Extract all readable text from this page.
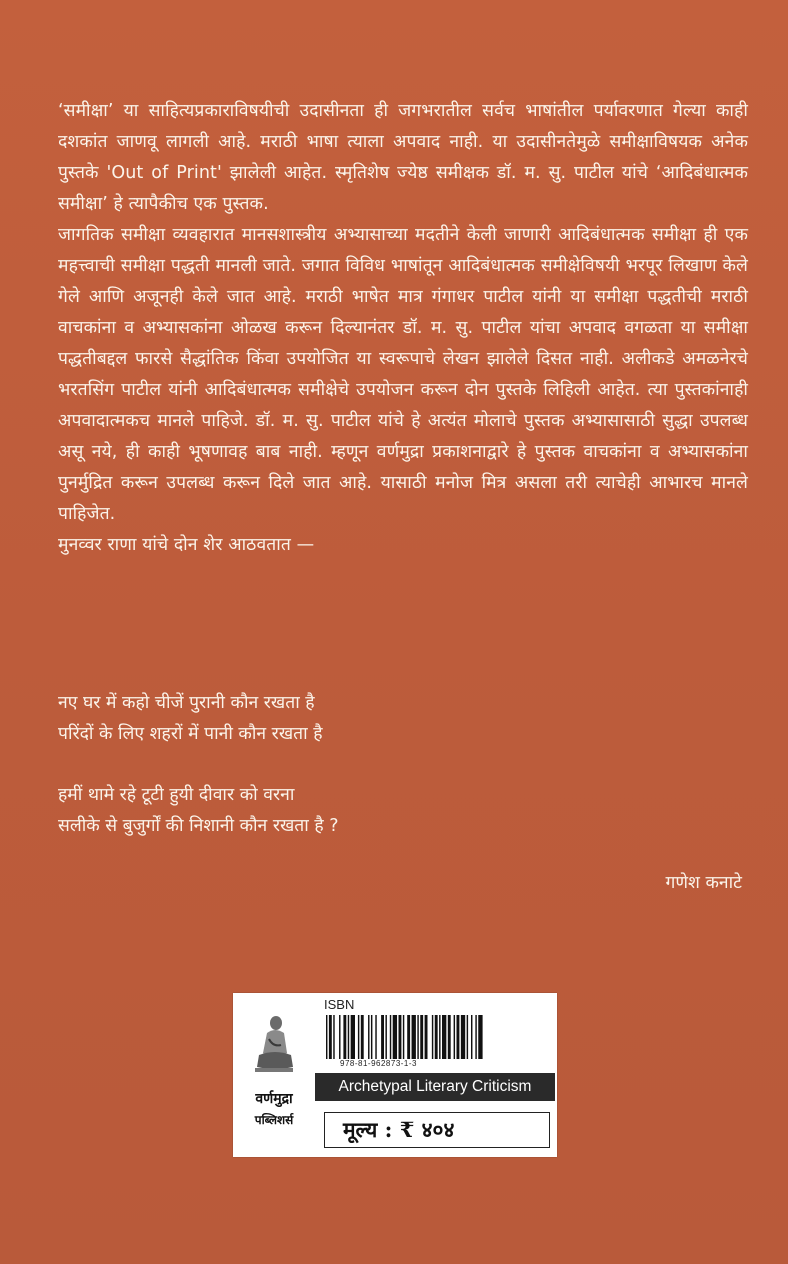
‘समीक्षा’ या साहित्यप्रकाराविषयीची उदासीनता ही जगभरातील सर्वच भाषांतील पर्यावरणात गेल्या काही दशकांत जाणवू लागली आहे. मराठी भाषा त्याला अपवाद नाही. या उदासीनतेमुळे समीक्षाविषयक अनेक पुस्तके 'Out of Print' झालेली आहेत. स्मृतिशेष ज्येष्ठ समीक्षक डॉ. म. सु. पाटील यांचे ‘आदिबंधात्मक समीक्षा’ हे त्यापैकीच एक पुस्तक.

जागतिक समीक्षा व्यवहारात मानसशास्त्रीय अभ्यासाच्या मदतीने केली जाणारी आदिबंधात्मक समीक्षा ही एक महत्त्वाची समीक्षा पद्धती मानली जाते. जगात विविध भाषांतून आदिबंधात्मक समीक्षेविषयी भरपूर लिखाण केले गेले आणि अजूनही केले जात आहे. मराठी भाषेत मात्र गंगाधर पाटील यांनी या समीक्षा पद्धतीची मराठी वाचकांना व अभ्यासकांना ओळख करून दिल्यानंतर डॉ. म. सु. पाटील यांचा अपवाद वगळता या समीक्षा पद्धतीबद्दल फारसे सैद्धांतिक किंवा उपयोजित या स्वरूपाचे लेखन झालेले दिसत नाही. अलीकडे अमळनेरचे भरतसिंग पाटील यांनी आदिबंधात्मक समीक्षेचे उपयोजन करून दोन पुस्तके लिहिली आहेत. त्या पुस्तकांनाही अपवादात्मकच मानले पाहिजे. डॉ. म. सु. पाटील यांचे हे अत्यंत मोलाचे पुस्तक अभ्यासासाठी सुद्धा उपलब्ध असू नये, ही काही भूषणावह बाब नाही. म्हणून वर्णमुद्रा प्रकाशनाद्वारे हे पुस्तक वाचकांना व अभ्यासकांना पुनर्मुद्रित करून उपलब्ध करून दिले जात आहे. यासाठी मनोज मित्र असला तरी त्याचेही आभारच मानले पाहिजेत.

मुनव्वर राणा यांचे दोन शेर आठवतात —

नए घर में कहो चीजें पुरानी कौन रखता है
परिंदों के लिए शहरों में पानी कौन रखता है
हमीं थामे रहे टूटी हुयी दीवार को वरना
सलीके से बुजुर्गों की निशानी कौन रखता है ?
गणेश कनाटे
वर्णमुद्रा
पब्लिशर्स
ISBN
978-81-962873-1-3
Archetypal Literary Criticism
मूल्य : ₹ ४०४
